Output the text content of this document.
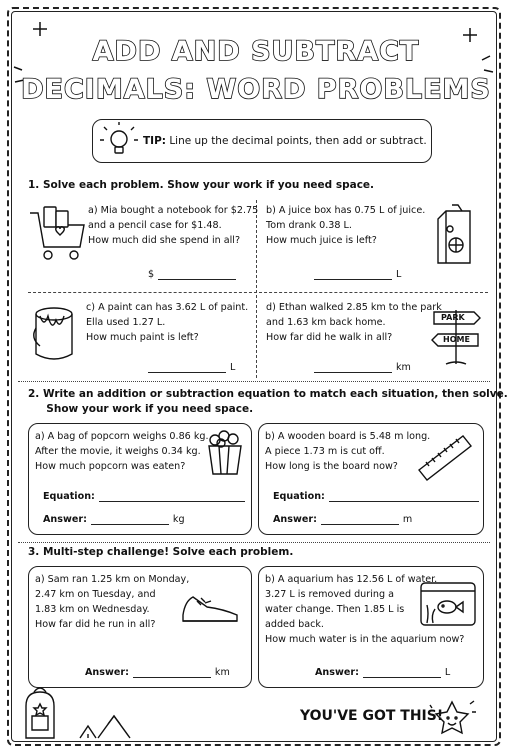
ADD AND SUBTRACT
DECIMALS: WORD PROBLEMS
TIP: Line up the decimal points, then add or subtract.
1. Solve each problem. Show your work if you need space.
a) Mia bought a notebook for $2.75
and a pencil case for $1.48.
How much did she spend in all?
$
b) A juice box has 0.75 L of juice.
Tom drank 0.38 L.
How much juice is left?
L
c) A paint can has 3.62 L of paint.
Ella used 1.27 L.
How much paint is left?
L
d) Ethan walked 2.85 km to the park
and 1.63 km back home.
How far did he walk in all?
PARK
HOME
km
2. Write an addition or subtraction equation to match each situation, then solve.
Show your work if you need space.
a) A bag of popcorn weighs 0.86 kg.
After the movie, it weighs 0.34 kg.
How much popcorn was eaten?
Equation:
Answer:	kg
b) A wooden board is 5.48 m long.
A piece 1.73 m is cut off.
How long is the board now?
Equation:
Answer:	m
3. Multi-step challenge! Solve each problem.
a) Sam ran 1.25 km on Monday,
2.47 km on Tuesday, and
1.83 km on Wednesday.
How far did he run in all?
Answer:	km
b) A aquarium has 12.56 L of water.
3.27 L is removed during a
water change. Then 1.85 L is
added back.
How much water is in the aquarium now?
Answer:	L
YOU'VE GOT THIS!
